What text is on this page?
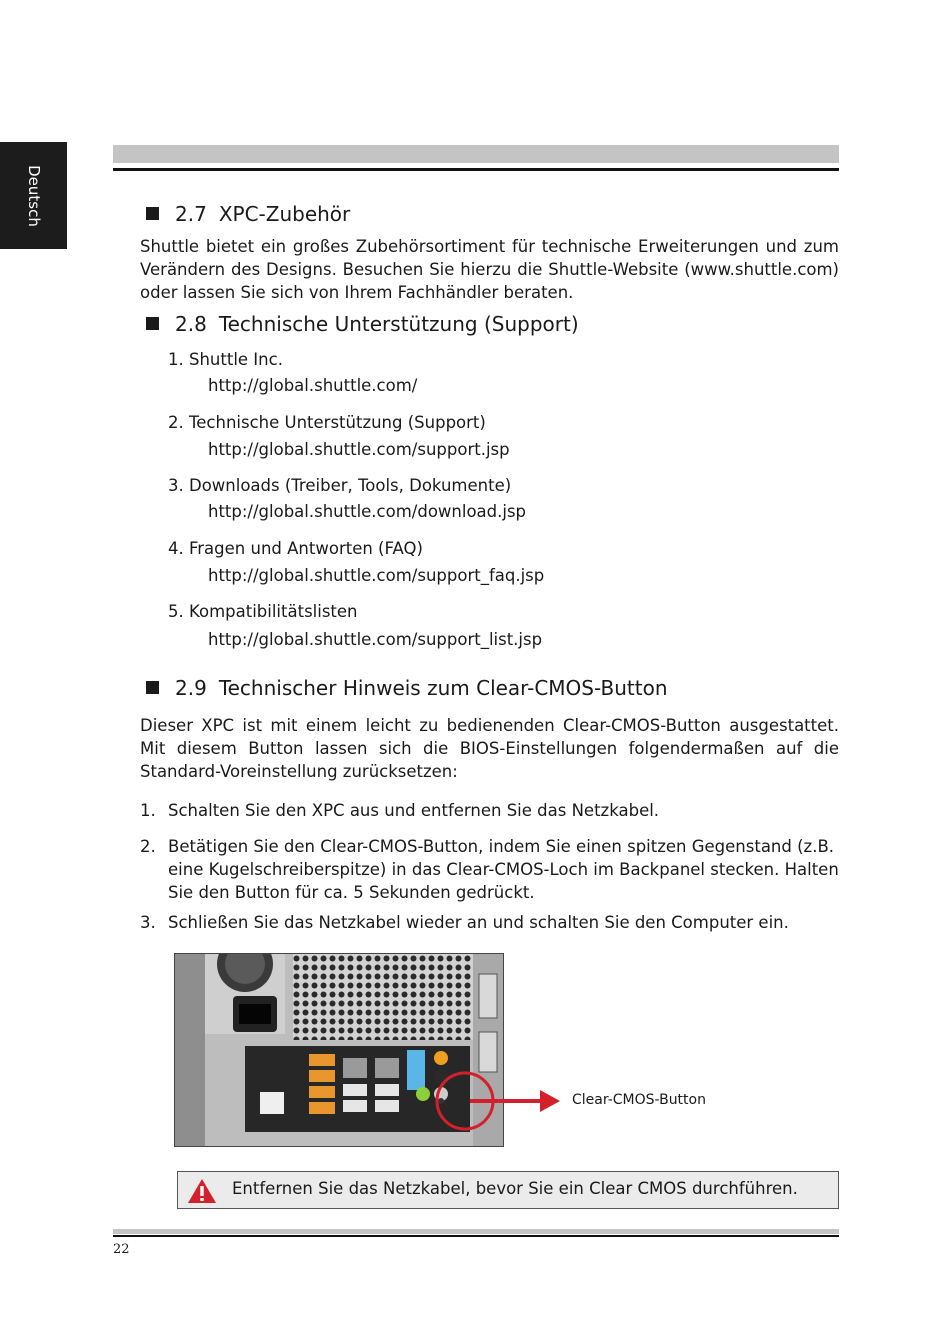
Deutsch	2.7 XPC-Zubehör
Shuttle bietet ein großes Zubehörsortiment für technische Erweiterungen und zum Verändern des Designs. Besuchen Sie hierzu die Shuttle-Website (www.shuttle.com) oder lassen Sie sich von Ihrem Fachhändler beraten.
2.8 Technische Unterstützung (Support)
1. Shuttle Inc.
http://global.shuttle.com/
2. Technische Unterstützung (Support)
http://global.shuttle.com/support.jsp
3. Downloads (Treiber, Tools, Dokumente)
http://global.shuttle.com/download.jsp
4. Fragen und Antworten (FAQ)
http://global.shuttle.com/support_faq.jsp
5. Kompatibilitätslisten
http://global.shuttle.com/support_list.jsp
2.9 Technischer Hinweis zum Clear-CMOS-Button
Dieser XPC ist mit einem leicht zu bedienenden Clear-CMOS-Button ausgestattet. Mit diesem Button lassen sich die BIOS-Einstellungen folgendermaßen auf die Standard-Voreinstellung zurücksetzen:
1. Schalten Sie den XPC aus und entfernen Sie das Netzkabel.
2. Betätigen Sie den Clear-CMOS-Button, indem Sie einen spitzen Gegenstand (z.B. eine Kugelschreiberspitze) in das Clear-CMOS-Loch im Backpanel stecken. Halten Sie den Button für ca. 5 Sekunden gedrückt.
3. Schließen Sie das Netzkabel wieder an und schalten Sie den Computer ein.
Clear-CMOS-Button
Entfernen Sie das Netzkabel, bevor Sie ein Clear CMOS durchführen.
22
